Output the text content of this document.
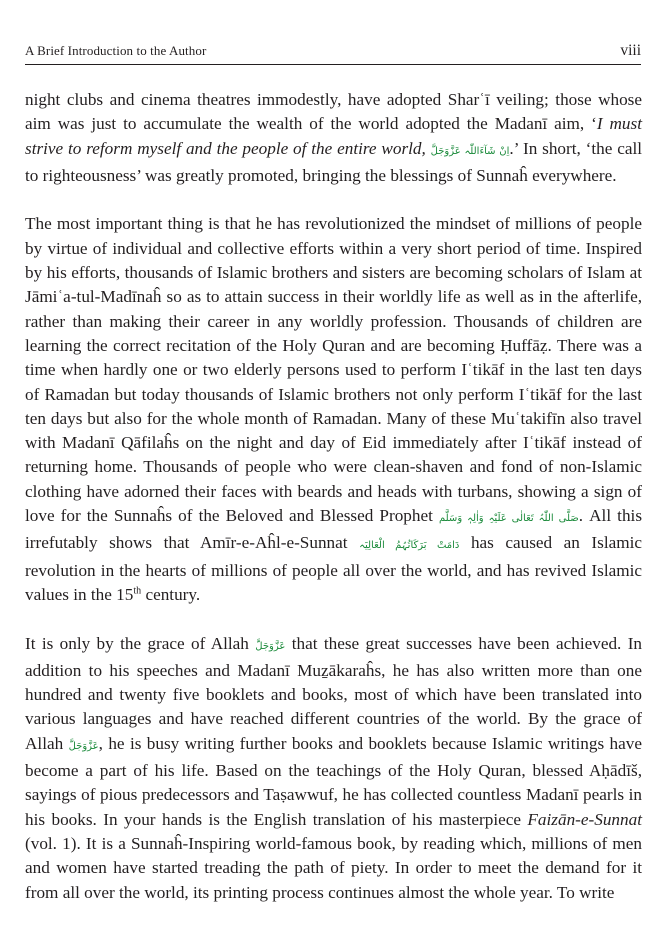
A Brief Introduction to the Author	viii

night clubs and cinema theatres immodestly, have adopted Sharʿī veiling; those whose aim was just to accumulate the wealth of the world adopted the Madanī aim, ‘I must strive to reform myself and the people of the entire world, اِنْ شَآءَاللّٰہ عَزَّوَجَلَّ.’ In short, ‘the call to righteousness’ was greatly promoted, bringing the blessings of Sunnaĥ everywhere.

The most important thing is that he has revolutionized the mindset of millions of people by virtue of individual and collective efforts within a very short period of time. Inspired by his efforts, thousands of Islamic brothers and sisters are becoming scholars of Islam at Jāmiʿa-tul-Madīnaĥ so as to attain success in their worldly life as well as in the afterlife, rather than making their career in any worldly profession. Thousands of children are learning the correct recitation of the Holy Quran and are becoming Ḥuffāẓ. There was a time when hardly one or two elderly persons used to perform Iʿtikāf in the last ten days of Ramadan but today thousands of Islamic brothers not only perform Iʿtikāf for the last ten days but also for the whole month of Ramadan. Many of these Muʿtakifīn also travel with Madanī Qāfilaĥs on the night and day of Eid immediately after Iʿtikāf instead of returning home. Thousands of people who were clean-shaven and fond of non-Islamic clothing have adorned their faces with beards and heads with turbans, showing a sign of love for the Sunnaĥs of the Beloved and Blessed Prophet صَلَّی اللّٰہُ تَعَالٰی عَلَیْہِ وَاٰلِہٖ وَسَلَّم. All this irrefutably shows that Amīr-e-Aĥl-e-Sunnat دَامَتْ بَرَکَاتُہُمُ الْعَالِیَہ has caused an Islamic revolution in the hearts of millions of people all over the world, and has revived Islamic values in the 15th century.

It is only by the grace of Allah عَزَّوَجَلَّ that these great successes have been achieved. In addition to his speeches and Madanī Muẕākaraĥs, he has also written more than one hundred and twenty five booklets and books, most of which have been translated into various languages and have reached different countries of the world. By the grace of Allah عَزَّوَجَلَّ, he is busy writing further books and booklets because Islamic writings have become a part of his life. Based on the teachings of the Holy Quran, blessed Aḥādīš, sayings of pious predecessors and Taṣawwuf, he has collected countless Madanī pearls in his books. In your hands is the English translation of his masterpiece Faizān-e-Sunnat (vol. 1). It is a Sunnaĥ-Inspiring world-famous book, by reading which, millions of men and women have started treading the path of piety. In order to meet the demand for it from all over the world, its printing process continues almost the whole year. To write
